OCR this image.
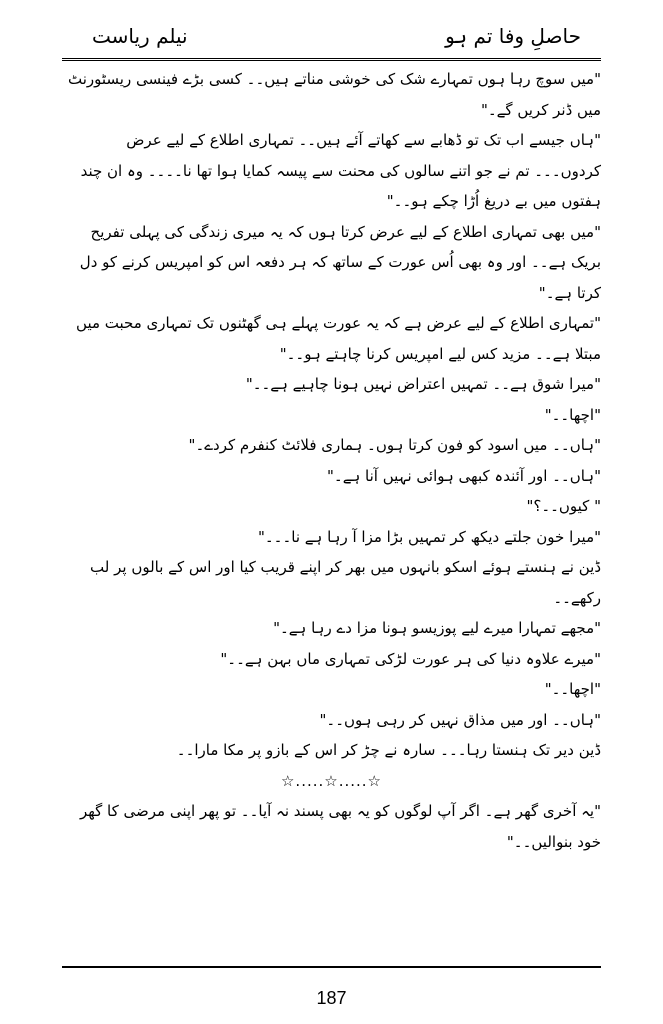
حاصلِ وفا تم ہو
نیلم ریاست

"میں سوچ رہا ہوں تمہارے شک کی خوشی مناتے ہیں۔۔ کسی بڑے فینسی ریسٹورنٹ میں ڈنر کریں گے۔"

"ہاں جیسے اب تک تو ڈھابے سے کھاتے آئے ہیں۔۔ تمہاری اطلاع کے لیے عرض کردوں۔۔۔ تم نے جو اتنے سالوں کی محنت سے پیسہ کمایا ہوا تھا نا۔۔۔۔ وہ ان چند ہفتوں میں بے دریغ اُڑا چکے ہو۔۔"

"میں بھی تمہاری اطلاع کے لیے عرض کرتا ہوں کہ یہ میری زندگی کی پہلی تفریح بریک ہے۔۔ اور وہ بھی اُس عورت کے ساتھ کہ ہر دفعہ اس کو امپریس کرنے کو دل کرتا ہے۔"

"تمہاری اطلاع کے لیے عرض ہے کہ یہ عورت پہلے ہی گھٹنوں تک تمہاری محبت میں مبتلا ہے۔۔ مزید کس لیے امپریس کرنا چاہتے ہو۔۔"

"میرا شوق ہے۔۔ تمہیں اعتراض نہیں ہونا چاہیے ہے۔۔"

"اچھا۔۔"

"ہاں۔۔ میں اسود کو فون کرتا ہوں۔ ہماری فلائٹ کنفرم کردے۔"

"ہاں۔۔ اور آئندہ کبھی ہوائی نہیں آنا ہے۔"

" کیوں۔۔؟"

"میرا خون جلتے دیکھ کر تمہیں بڑا مزا آ رہا ہے نا۔۔۔"

ڈین نے ہنستے ہوئے اسکو بانہوں میں بھر کر اپنے قریب کیا اور اس کے بالوں پر لب رکھے۔۔

"مجھے تمہارا میرے لیے پوزیسو ہونا مزا دے رہا ہے۔"

"میرے علاوہ دنیا کی ہر عورت لڑکی تمہاری ماں بہن ہے۔۔"

"اچھا۔۔"

"ہاں۔۔ اور میں مذاق نہیں کر رہی ہوں۔۔"

ڈین دیر تک ہنستا رہا۔۔۔ سارہ نے چڑ کر اس کے بازو پر مکا مارا۔۔

☆.....☆.....☆

"یہ آخری گھر ہے۔ اگر آپ لوگوں کو یہ بھی پسند نہ آیا۔۔ تو پھر اپنی مرضی کا گھر خود بنوالیں۔۔"

187
